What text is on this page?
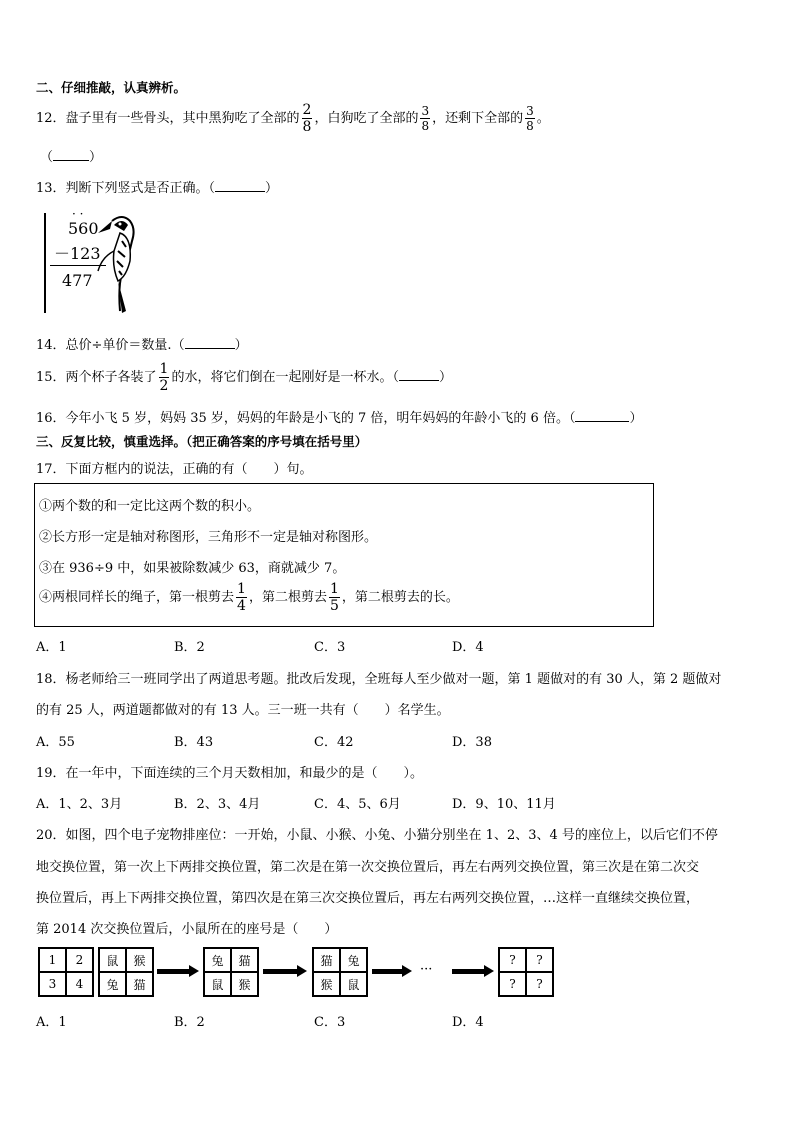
二、仔细推敲，认真辨析。
12．盘子里有一些骨头，其中黑狗吃了全部的 $\frac{2}{8}$ ，白狗吃了全部的 $\frac{3}{8}$ ，还剩下全部的 $\frac{3}{8}$ 。
（	）
13．判断下列竖式是否正确。（	）
· ·
560
－123
477
14．总价÷单价＝数量.（	）
15．两个杯子各装了 $\frac{1}{2}$ 的水，将它们倒在一起刚好是一杯水。（	）
16．今年小飞 5 岁，妈妈 35 岁，妈妈的年龄是小飞的 7 倍，明年妈妈的年龄小飞的 6 倍。（	）
三、反复比较，慎重选择。（把正确答案的序号填在括号里）
17．下面方框内的说法，正确的有（　　）句。
①两个数的和一定比这两个数的积小。
②长方形一定是轴对称图形，三角形不一定是轴对称图形。
③在 936÷9 中，如果被除数减少 63，商就减少 7。
④两根同样长的绳子，第一根剪去 $\frac{1}{4}$ ，第二根剪去 $\frac{1}{5}$ ，第二根剪去的长。
A．1	B．2	C．3	D．4
18．杨老师给三一班同学出了两道思考题。批改后发现，全班每人至少做对一题，第 1 题做对的有 30 人，第 2 题做对
的有 25 人，两道题都做对的有 13 人。三一班一共有（　　）名学生。
A．55	B．43	C．42	D．38
19．在一年中，下面连续的三个月天数相加，和最少的是（　　）。
A．1、2、3月	B．2、3、4月	C．4、5、6月	D．9、10、11月
20．如图，四个电子宠物排座位：一开始，小鼠、小猴、小兔、小猫分别坐在 1、2、3、4 号的座位上，以后它们不停
地交换位置，第一次上下两排交换位置，第二次是在第一次交换位置后，再左右两列交换位置，第三次是在第二次交
换位置后，再上下两排交换位置，第四次是在第三次交换位置后，再左右两列交换位置，…这样一直继续交换位置，
第 2014 次交换位置后，小鼠所在的座号是（　　）
1	2
3	4
鼠	猴
兔	猫
兔	猫
鼠	猴
猫	兔
猴	鼠
···
?	?
?	?
A．1	B．2	C．3	D．4
